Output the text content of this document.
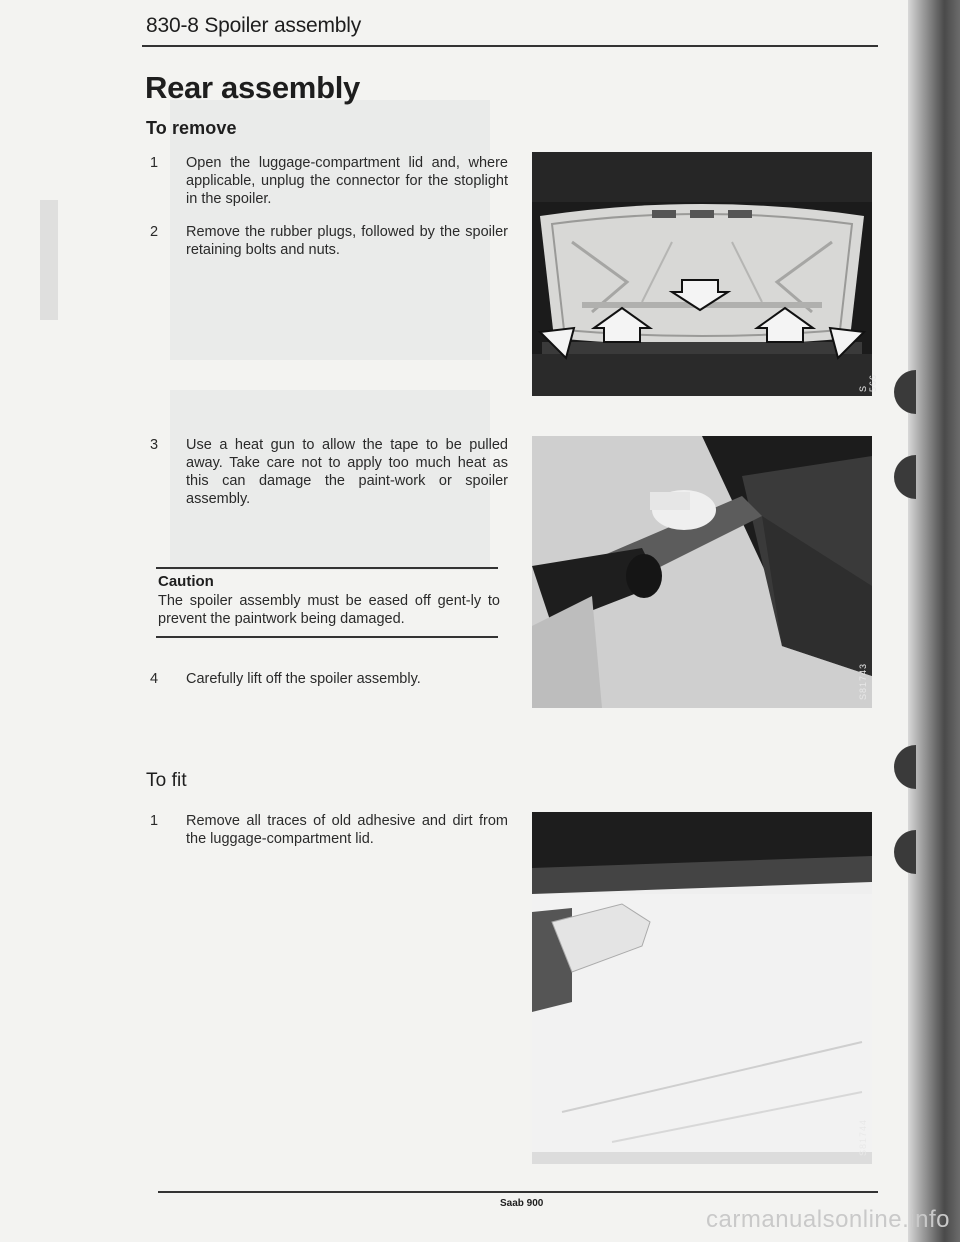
830-8 Spoiler assembly
Rear assembly
To remove
1	Open the luggage-compartment lid and, where applicable, unplug the connector for the stoplight in the spoiler.
2	Remove the rubber plugs, followed by the spoiler retaining bolts and nuts.
3	Use a heat gun to allow the tape to be pulled away. Take care not to apply too much heat as this can damage the paint-work or spoiler assembly.
Caution
The spoiler assembly must be eased off gent-ly to prevent the paintwork being damaged.
4	Carefully lift off the spoiler assembly.
To fit
1	Remove all traces of old adhesive and dirt from the luggage-compartment lid.
S 566
S81743
S81744
Saab 900
carmanualsonline.info
